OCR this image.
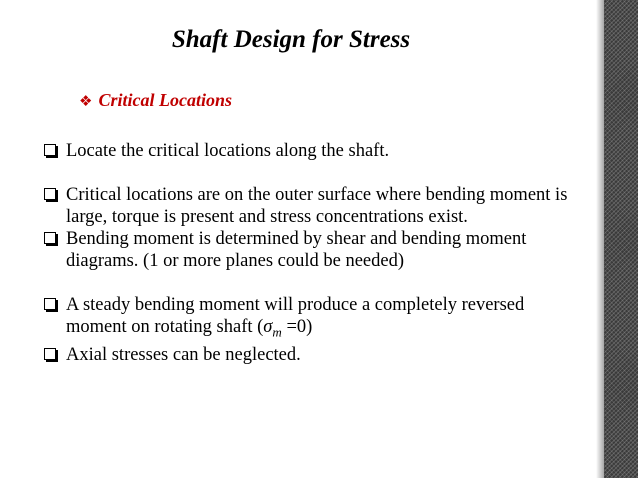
Shaft Design for Stress
❖ Critical Locations
Locate the critical locations along the shaft.
Critical locations are on the outer surface where bending moment is large, torque is present and stress concentrations exist.
Bending moment is determined by shear and bending moment diagrams. (1 or more planes could be needed)
A steady bending moment will produce a completely reversed moment on rotating shaft $(\sigma_m =0)$
Axial stresses can be neglected.
